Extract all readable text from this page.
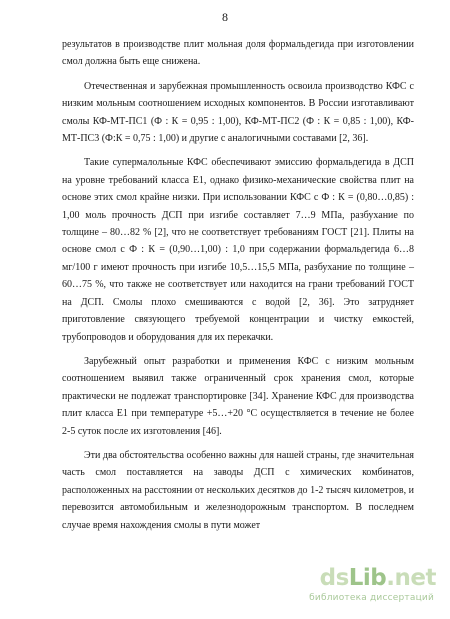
8

результатов в производстве плит мольная доля формальдегида при изготовлении смол должна быть еще снижена.

Отечественная и зарубежная промышленность освоила производство КФС с низким мольным соотношением исходных компонентов. В России изготавливают смолы КФ-МТ-ПС1 (Ф : К = 0,95 : 1,00), КФ-МТ-ПС2 (Ф : К = 0,85 : 1,00), КФ-МТ-ПС3 (Ф:К = 0,75 : 1,00) и другие с аналогичными составами [2, 36].

Такие супермалольные КФС обеспечивают эмиссию формальдегида в ДСП на уровне требований класса Е1, однако физико-механические свойства плит на основе этих смол крайне низки. При использовании КФС с Ф : К = (0,80…0,85) : 1,00 моль прочность ДСП при изгибе составляет 7…9 МПа, разбухание по толщине – 80…82 % [2], что не соответствует требованиям ГОСТ [21]. Плиты на основе смол с Ф : К = (0,90…1,00) : 1,0 при содержании формальдегида 6…8 мг/100 г имеют прочность при изгибе 10,5…15,5 МПа, разбухание по толщине – 60…75 %, что также не соответствует или находится на грани требований ГОСТ на ДСП. Смолы плохо смешиваются с водой [2, 36]. Это затрудняет приготовление связующего требуемой концентрации и чистку емкостей, трубопроводов и оборудования для их перекачки.

Зарубежный опыт разработки и применения КФС с низким мольным соотношением выявил также ограниченный срок хранения смол, которые практически не подлежат транспортировке [34]. Хранение КФС для производства плит класса Е1 при температуре +5…+20 °С осуществляется в течение не более 2-5 суток после их изготовления [46].

Эти два обстоятельства особенно важны для нашей страны, где значительная часть смол поставляется на заводы ДСП с химических комбинатов, расположенных на расстоянии от нескольких десятков до 1-2 тысяч километров, и перевозится автомобильным и железнодорожным транспортом. В последнем случае время нахождения смолы в пути может

dsLib.net
библиотека диссертаций
